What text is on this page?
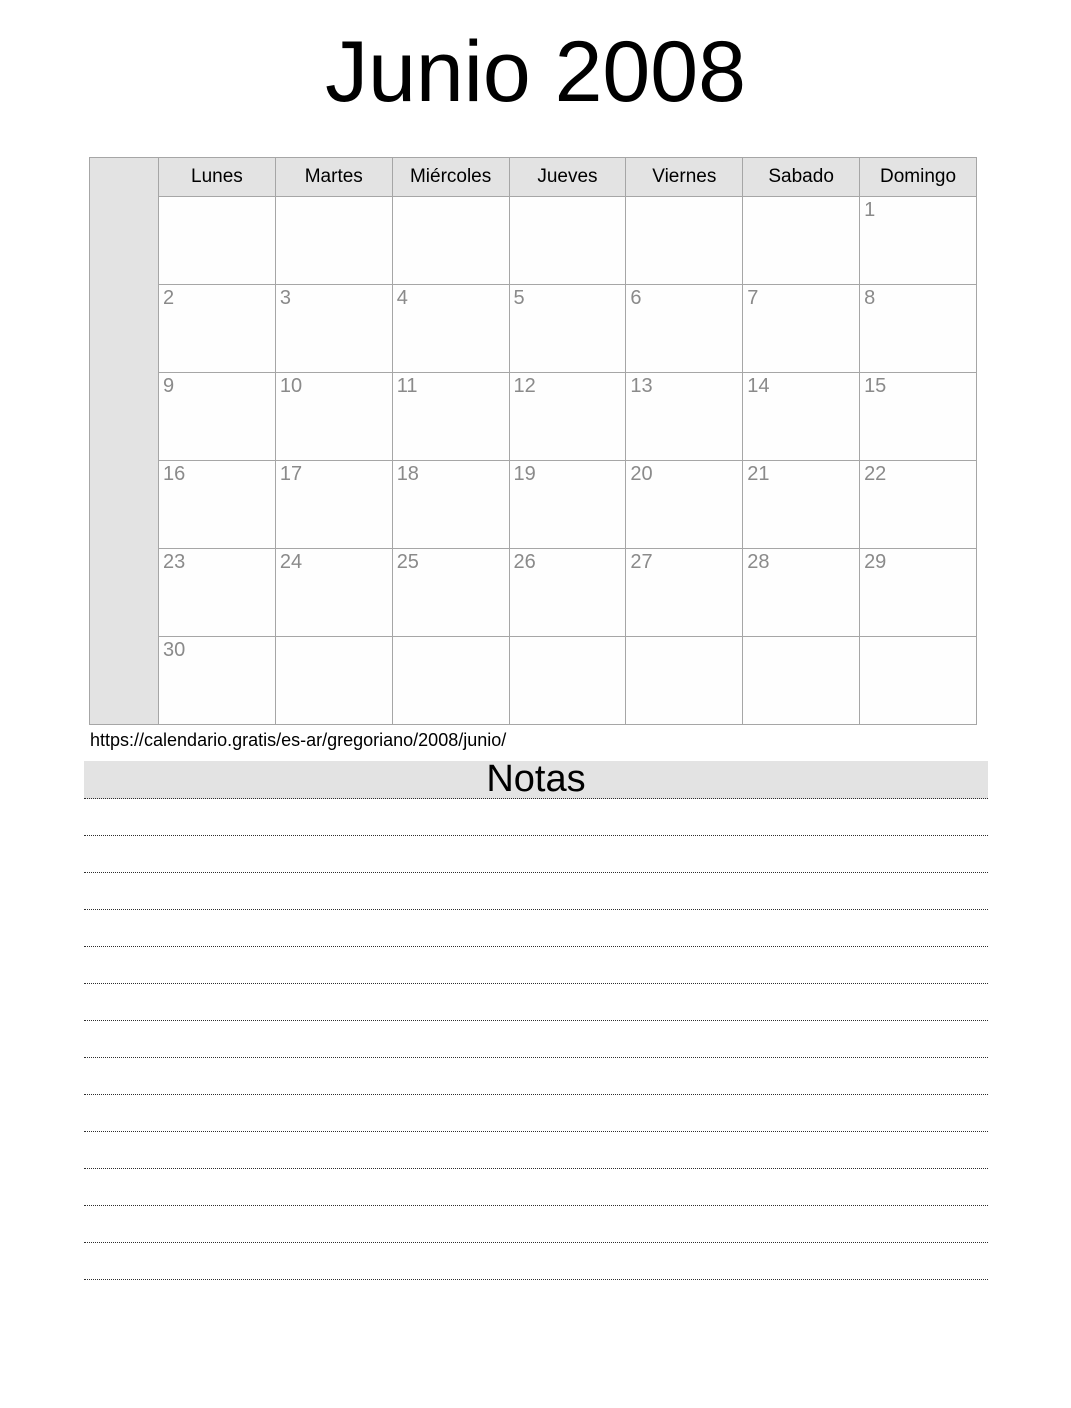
Junio 2008
	Lunes	Martes	Miércoles	Jueves	Viernes	Sabado	Domingo
							1
	2	3	4	5	6	7	8
	9	10	11	12	13	14	15
	16	17	18	19	20	21	22
	23	24	25	26	27	28	29
	30						
https://calendario.gratis/es-ar/gregoriano/2008/junio/
Notas
